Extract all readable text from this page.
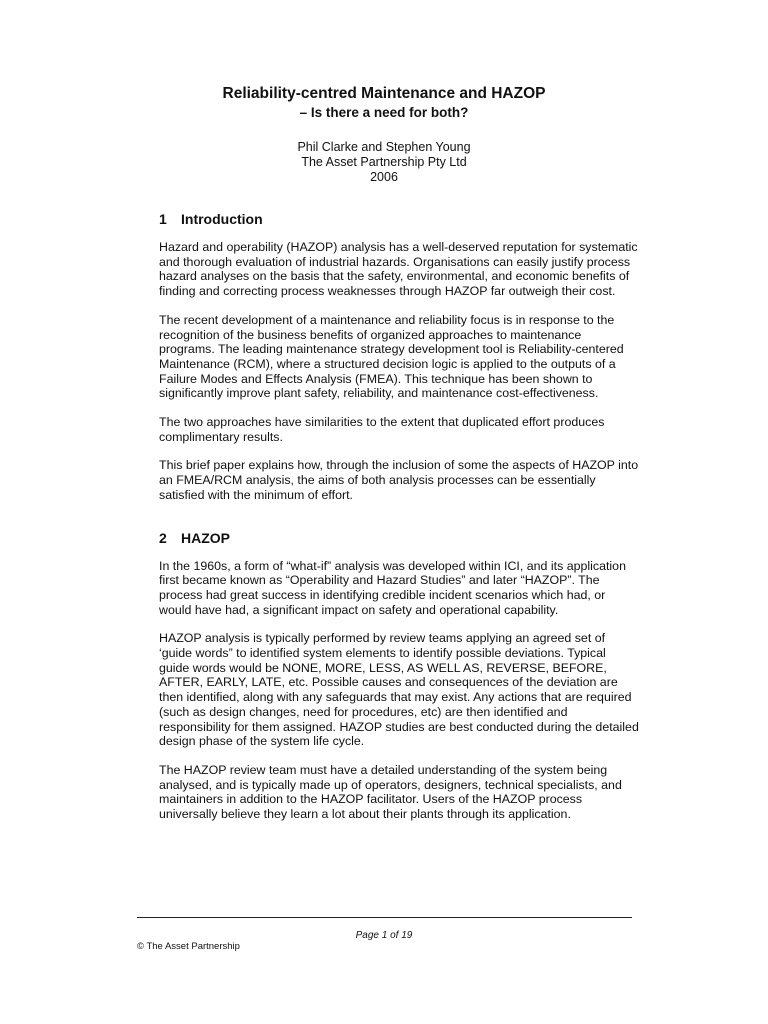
Reliability-centred Maintenance and HAZOP
– Is there a need for both?
Phil Clarke and Stephen Young
The Asset Partnership Pty Ltd
2006
1	Introduction

Hazard and operability (HAZOP) analysis has a well-deserved reputation for systematic and thorough evaluation of industrial hazards. Organisations can easily justify process hazard analyses on the basis that the safety, environmental, and economic benefits of finding and correcting process weaknesses through HAZOP far outweigh their cost.

The recent development of a maintenance and reliability focus is in response to the recognition of the business benefits of organized approaches to maintenance programs. The leading maintenance strategy development tool is Reliability-centered Maintenance (RCM), where a structured decision logic is applied to the outputs of a Failure Modes and Effects Analysis (FMEA). This technique has been shown to significantly improve plant safety, reliability, and maintenance cost-effectiveness.

The two approaches have similarities to the extent that duplicated effort produces complimentary results.

This brief paper explains how, through the inclusion of some the aspects of HAZOP into an FMEA/RCM analysis, the aims of both analysis processes can be essentially satisfied with the minimum of effort.

2	HAZOP

In the 1960s, a form of “what-if” analysis was developed within ICI, and its application first became known as “Operability and Hazard Studies” and later “HAZOP”. The process had great success in identifying credible incident scenarios which had, or would have had, a significant impact on safety and operational capability.

HAZOP analysis is typically performed by review teams applying an agreed set of ‘guide words” to identified system elements to identify possible deviations. Typical guide words would be NONE, MORE, LESS, AS WELL AS, REVERSE, BEFORE, AFTER, EARLY, LATE, etc. Possible causes and consequences of the deviation are then identified, along with any safeguards that may exist. Any actions that are required (such as design changes, need for procedures, etc) are then identified and responsibility for them assigned. HAZOP studies are best conducted during the detailed design phase of the system life cycle.

The HAZOP review team must have a detailed understanding of the system being analysed, and is typically made up of operators, designers, technical specialists, and maintainers in addition to the HAZOP facilitator. Users of the HAZOP process universally believe they learn a lot about their plants through its application.

Page 1 of 19
© The Asset Partnership
